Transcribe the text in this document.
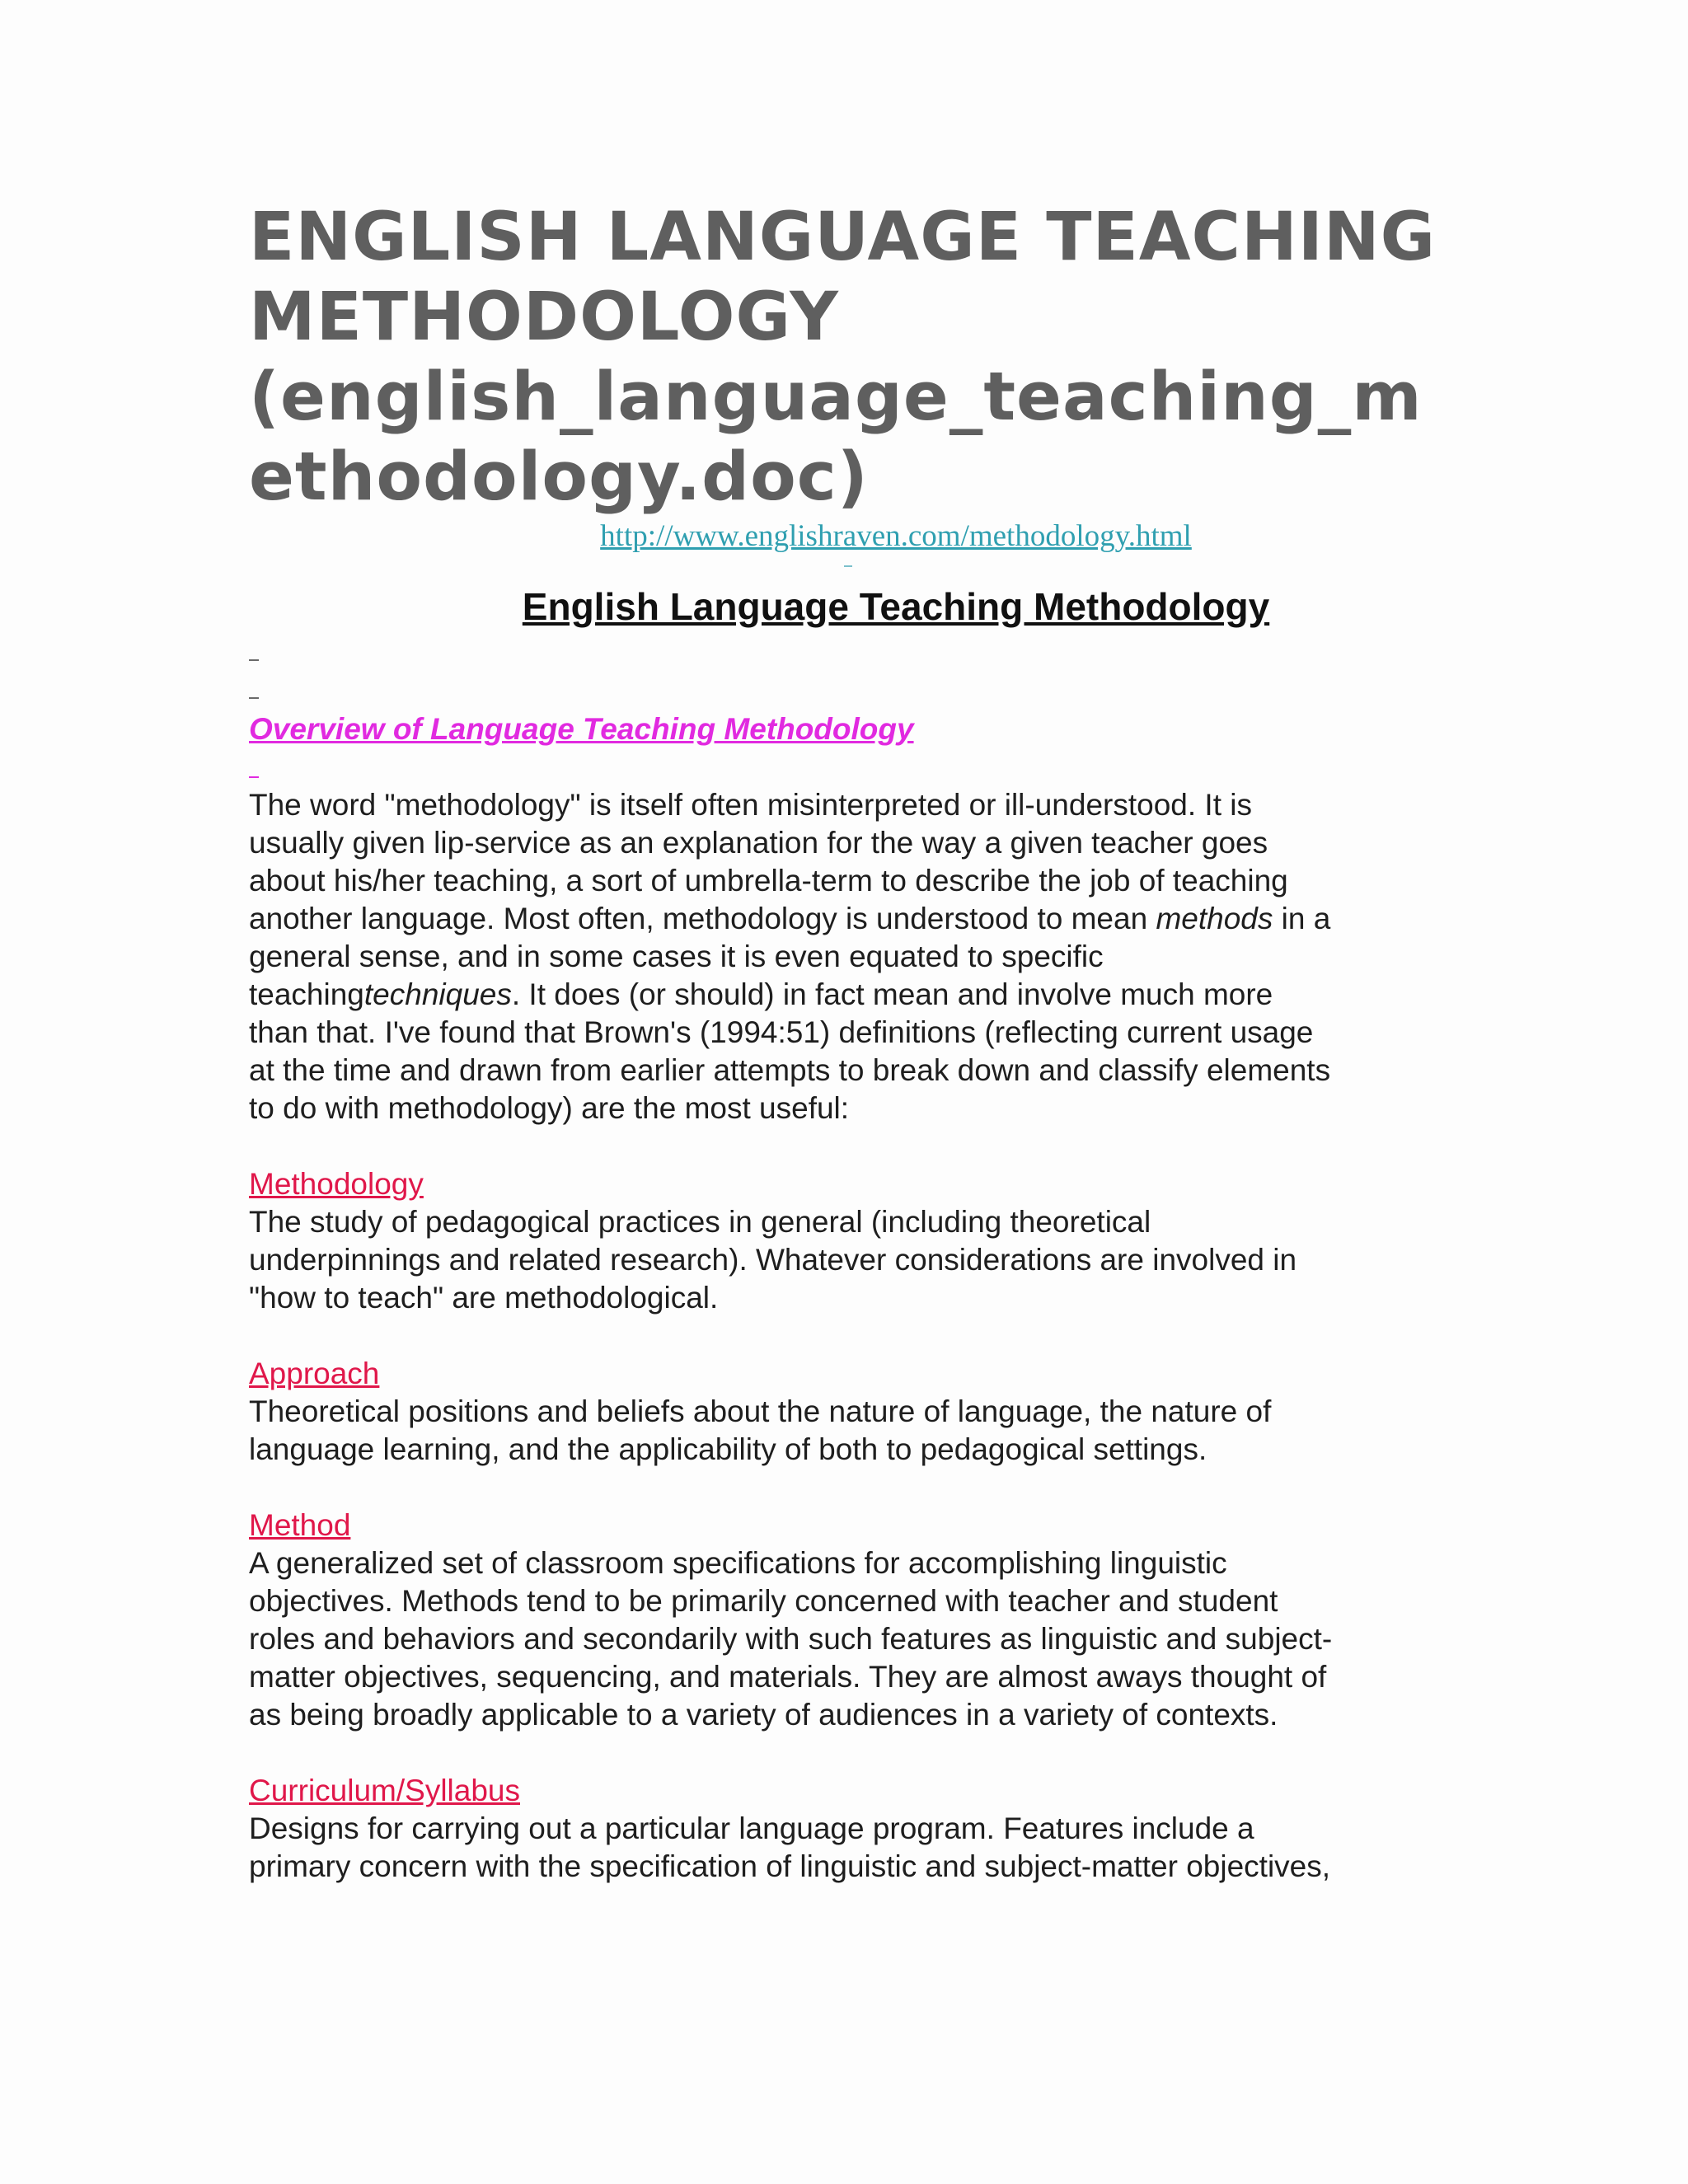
ENGLISH LANGUAGE TEACHING
METHODOLOGY
(english_language_teaching_m
ethodology.doc)
http://www.englishraven.com/methodology.html
English Language Teaching Methodology
Overview of Language Teaching Methodology

The word "methodology" is itself often misinterpreted or ill-understood. It is
usually given lip-service as an explanation for the way a given teacher goes
about his/her teaching, a sort of umbrella-term to describe the job of teaching
another language. Most often, methodology is understood to mean methods in a
general sense, and in some cases it is even equated to specific
teachingtechniques. It does (or should) in fact mean and involve much more
than that. I've found that Brown's (1994:51) definitions (reflecting current usage
at the time and drawn from earlier attempts to break down and classify elements
to do with methodology) are the most useful:

Methodology

The study of pedagogical practices in general (including theoretical
underpinnings and related research). Whatever considerations are involved in
"how to teach" are methodological.

Approach

Theoretical positions and beliefs about the nature of language, the nature of
language learning, and the applicability of both to pedagogical settings.

Method

A generalized set of classroom specifications for accomplishing linguistic
objectives. Methods tend to be primarily concerned with teacher and student
roles and behaviors and secondarily with such features as linguistic and subject-
matter objectives, sequencing, and materials. They are almost aways thought of
as being broadly applicable to a variety of audiences in a variety of contexts.

Curriculum/Syllabus

Designs for carrying out a particular language program. Features include a
primary concern with the specification of linguistic and subject-matter objectives,
